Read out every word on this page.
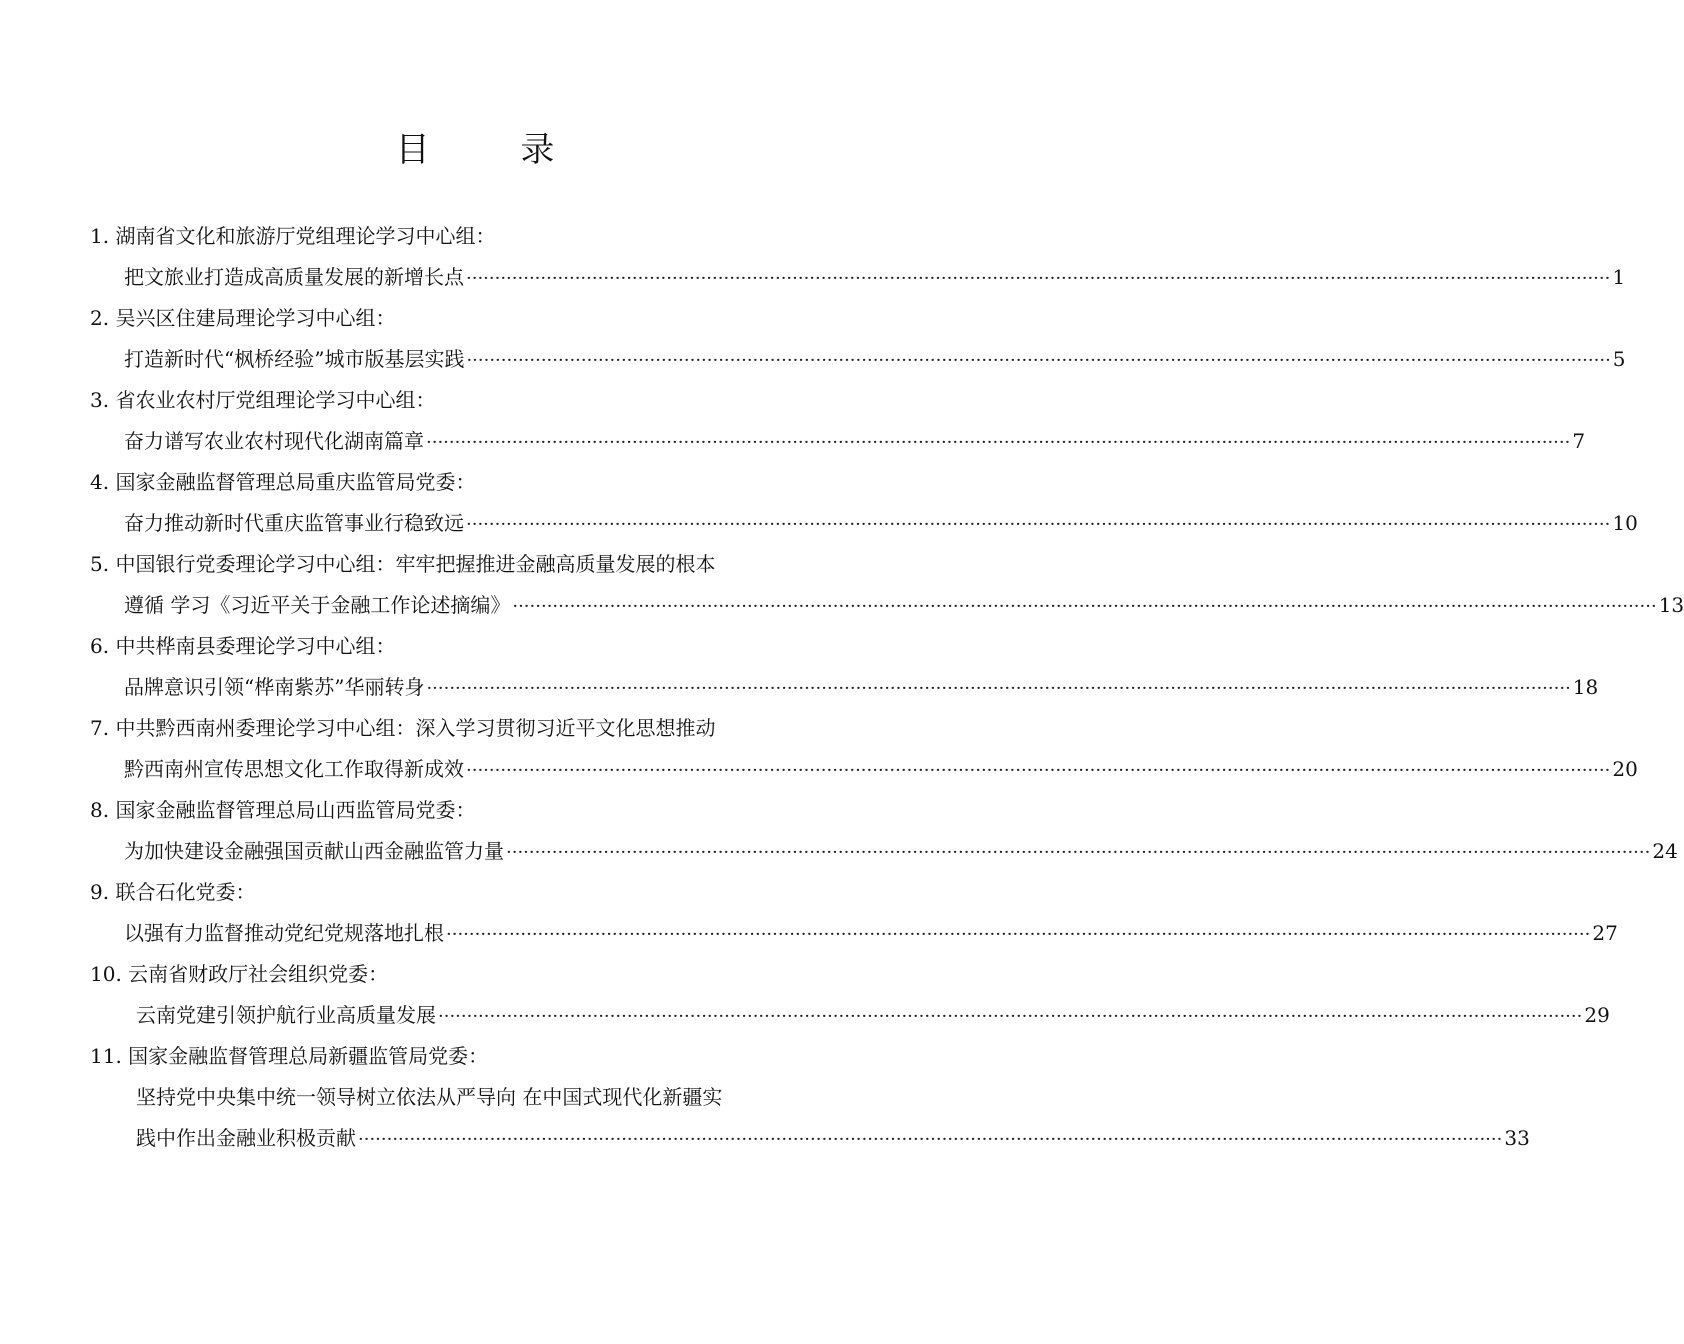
目 录
1. 湖南省文化和旅游厅党组理论学习中心组：
把文旅业打造成高质量发展的新增长点 ········································································································································································································ 1
2. 吴兴区住建局理论学习中心组：
打造新时代“枫桥经验”城市版基层实践 ········································································································································································································ 5
3. 省农业农村厅党组理论学习中心组：
奋力谱写农业农村现代化湖南篇章 ········································································································································································································ 7
4. 国家金融监督管理总局重庆监管局党委：
奋力推动新时代重庆监管事业行稳致远 ········································································································································································································ 10
5. 中国银行党委理论学习中心组：牢牢把握推进金融高质量发展的根本
遵循 学习《习近平关于金融工作论述摘编》 ········································································································································································································ 13
6. 中共桦南县委理论学习中心组：
品牌意识引领“桦南紫苏”华丽转身 ········································································································································································································ 18
7. 中共黔西南州委理论学习中心组：深入学习贯彻习近平文化思想推动
黔西南州宣传思想文化工作取得新成效 ········································································································································································································ 20
8. 国家金融监督管理总局山西监管局党委：
为加快建设金融强国贡献山西金融监管力量 ········································································································································································································ 24
9. 联合石化党委：
以强有力监督推动党纪党规落地扎根 ········································································································································································································ 27
10. 云南省财政厅社会组织党委：
云南党建引领护航行业高质量发展 ········································································································································································································ 29
11. 国家金融监督管理总局新疆监管局党委：
坚持党中央集中统一领导树立依法从严导向 在中国式现代化新疆实
践中作出金融业积极贡献 ········································································································································································································ 33
